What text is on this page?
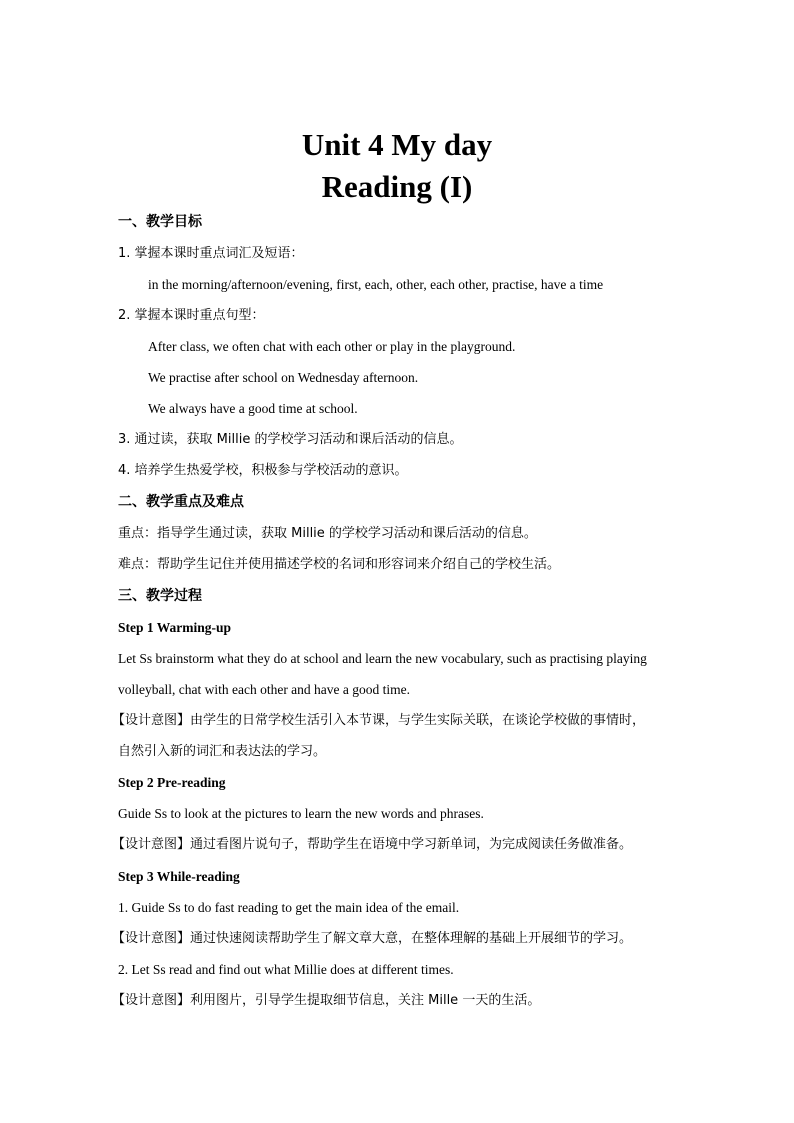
Unit 4 My day
Reading (I)
一、教学目标
1. 掌握本课时重点词汇及短语：
in the morning/afternoon/evening, first, each, other, each other, practise, have a time
2. 掌握本课时重点句型：
After class, we often chat with each other or play in the playground.
We practise after school on Wednesday afternoon.
We always have a good time at school.
3. 通过读，获取 Millie 的学校学习活动和课后活动的信息。
4. 培养学生热爱学校，积极参与学校活动的意识。
二、教学重点及难点
重点：指导学生通过读，获取 Millie 的学校学习活动和课后活动的信息。
难点：帮助学生记住并使用描述学校的名词和形容词来介绍自己的学校生活。
三、教学过程
Step 1 Warming-up
Let Ss brainstorm what they do at school and learn the new vocabulary, such as practising playing
volleyball, chat with each other and have a good time.
【设计意图】由学生的日常学校生活引入本节课，与学生实际关联，在谈论学校做的事情时，
自然引入新的词汇和表达法的学习。
Step 2 Pre-reading
Guide Ss to look at the pictures to learn the new words and phrases.
【设计意图】通过看图片说句子，帮助学生在语境中学习新单词，为完成阅读任务做准备。
Step 3 While-reading
1. Guide Ss to do fast reading to get the main idea of the email.
【设计意图】通过快速阅读帮助学生了解文章大意，在整体理解的基础上开展细节的学习。
2. Let Ss read and find out what Millie does at different times.
【设计意图】利用图片，引导学生提取细节信息，关注 Mille 一天的生活。
